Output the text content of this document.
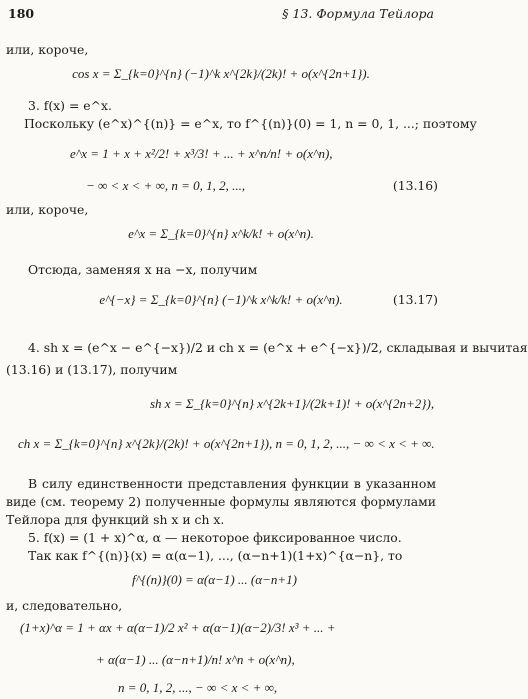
180	§ 13. Формула Тейлора
или, короче,
cos x = Σ_{k=0}^{n} (−1)^k x^{2k}/(2k)! + o(x^{2n+1}).
3. f(x) = e^x.
Поскольку (e^x)^{(n)} = e^x, то f^{(n)}(0) = 1, n = 0, 1, ...; поэтому
e^x = 1 + x + x²/2! + x³/3! + ... + x^n/n! + o(x^n),
− ∞ < x < + ∞, n = 0, 1, 2, ...,
или, короче,
e^x = Σ_{k=0}^{n} x^k/k! + o(x^n).
Отсюда, заменяя x на −x, получим
e^{−x} = Σ_{k=0}^{n} (−1)^k x^k/k! + o(x^n).
4. sh x = (e^x − e^{−x})/2 и ch x = (e^x + e^{−x})/2, складывая и вычитая
(13.16) и (13.17), получим
sh x = Σ_{k=0}^{n} x^{2k+1}/(2k+1)! + o(x^{2n+2}),
ch x = Σ_{k=0}^{n} x^{2k}/(2k)! + o(x^{2n+1}), n = 0, 1, 2, ..., − ∞ < x < + ∞.
В силу единственности представления функции в указанном
виде (см. теорему 2) полученные формулы являются формулами
Тейлора для функций sh x и ch x.
5. f(x) = (1 + x)^α, α — некоторое фиксированное число.
Так как f^{(n)}(x) = α(α−1), ..., (α−n+1)(1+x)^{α−n}, то
f^{(n)}(0) = α(α−1) ... (α−n+1)
и, следовательно,
(1+x)^α = 1 + αx + α(α−1)/2 x² + α(α−1)(α−2)/3! x³ + ... +
+ α(α−1) ... (α−n+1)/n! x^n + o(x^n),
n = 0, 1, 2, ..., − ∞ < x < + ∞,
(13.16)
(13.17)
